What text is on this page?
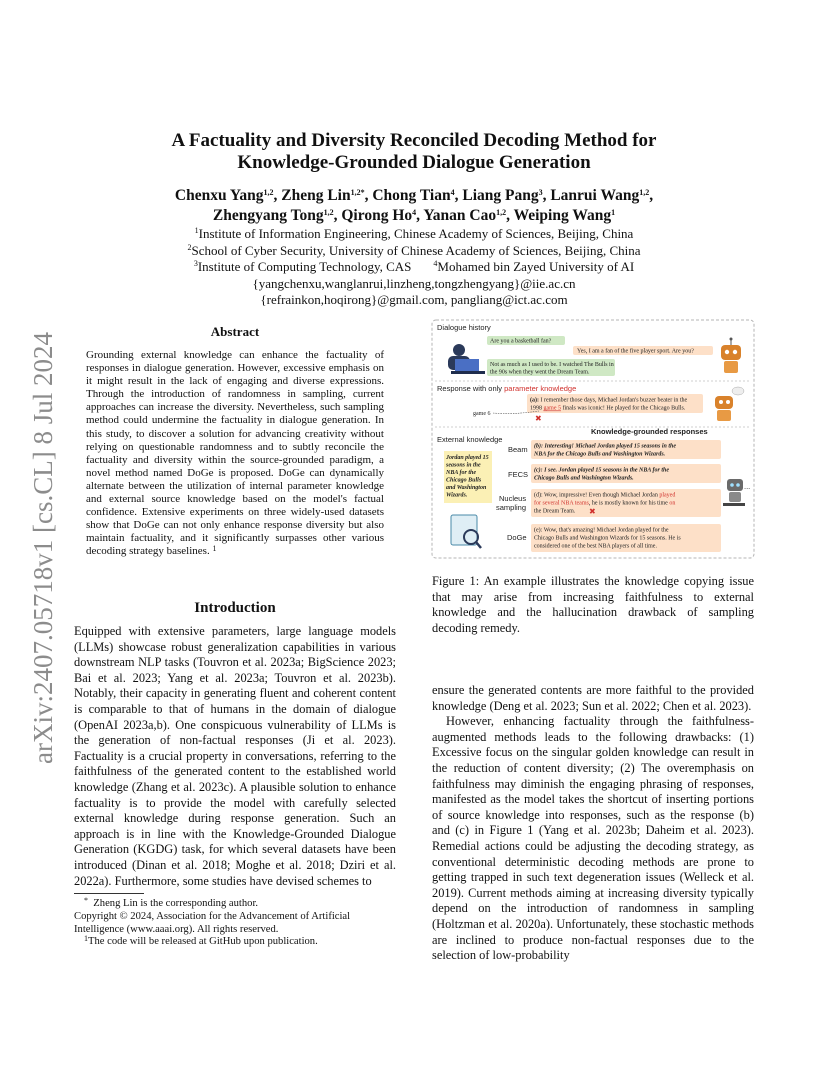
arXiv:2407.05718v1 [cs.CL] 8 Jul 2024
A Factuality and Diversity Reconciled Decoding Method for
Knowledge-Grounded Dialogue Generation
Chenxu Yang$^{1,2}$, Zheng Lin$^{1,2*}$, Chong Tian$^4$, Liang Pang$^3$, Lanrui Wang$^{1,2}$,
Zhengyang Tong$^{1,2}$, Qirong Ho$^4$, Yanan Cao$^{1,2}$, Weiping Wang$^1$
$^1$Institute of Information Engineering, Chinese Academy of Sciences, Beijing, China
$^2$School of Cyber Security, University of Chinese Academy of Sciences, Beijing, China
$^3$Institute of Computing Technology, CAS	$^4$Mohamed bin Zayed University of AI
{yangchenxu,wanglanrui,linzheng,tongzhengyang}@iie.ac.cn
{refrainkon,hoqirong}@gmail.com, pangliang@ict.ac.com
Abstract
Grounding external knowledge can enhance the factuality of responses in dialogue generation. However, excessive emphasis on it might result in the lack of engaging and diverse expressions. Through the introduction of randomness in sampling, current approaches can increase the diversity. Nevertheless, such sampling method could undermine the factuality in dialogue generation. In this study, to discover a solution for advancing creativity without relying on questionable randomness and to subtly reconcile the factuality and diversity within the source-grounded paradigm, a novel method named DoGe is proposed. DoGe can dynamically alternate between the utilization of internal parameter knowledge and external source knowledge based on the model's factual confidence. Extensive experiments on three widely-used datasets show that DoGe can not only enhance response diversity but also maintain factuality, and it significantly surpasses other various decoding strategy baselines. $^1$
Introduction

Equipped with extensive parameters, large language models (LLMs) showcase robust generalization capabilities in various downstream NLP tasks (Touvron et al. 2023a; BigScience 2023; Bai et al. 2023; Yang et al. 2023a; Touvron et al. 2023b). Notably, their capacity in generating fluent and coherent content is comparable to that of humans in the domain of dialogue (OpenAI 2023a,b). One conspicuous vulnerability of LLMs is the generation of non-factual responses (Ji et al. 2023). Factuality is a crucial property in conversations, referring to the faithfulness of the generated content to the established world knowledge (Zhang et al. 2023c). A plausible solution to enhance factuality is to provide the model with carefully selected external knowledge during response generation. Such an approach is in line with the Knowledge-Grounded Dialogue Generation (KGDG) task, for which several datasets have been introduced (Dinan et al. 2018; Moghe et al. 2018; Dziri et al. 2022a). Furthermore, some studies have devised schemes to

* Zheng Lin is the corresponding author.
Copyright © 2024, Association for the Advancement of Artificial Intelligence (www.aaai.org). All rights reserved.
$^1$The code will be released at GitHub upon publication.
Dialogue history
Are you a basketball fan?
Yes, I am a fan of the five player sport. Are you?
Not as much as I used to be. I watched The Bulls in
the 90s when they went the Dream Team.
Response with only parameter knowledge
(a): I remember those days, Michael Jordan's buzzer beater in the
1998 game 5 finals was iconic! He played for the Chicago Bulls.
game 6	✖
External knowledge
Knowledge-grounded responses
Jordan played 15
seasons in the
NBA for the
Chicago Bulls
and Washington
Wizards.
Beam
FECS
Nucleus
sampling
DoGe
(b): Interesting! Michael Jordan played 15 seasons in the
NBA for the Chicago Bulls and Washington Wizards.
(c): I see. Jordan played 15 seasons in the NBA for the
Chicago Bulls and Washington Wizards.
(d): Wow, impressive! Even though Michael Jordan played
for several NBA teams, he is mostly known for his time on
the Dream Team. ✖
(e): Wow, that's amazing! Michael Jordan played for the
Chicago Bulls and Washington Wizards for 15 seasons. He is
considered one of the best NBA players of all time.
...
Figure 1: An example illustrates the knowledge copying issue that may arise from increasing faithfulness to external knowledge and the hallucination drawback of sampling decoding remedy.

ensure the generated contents are more faithful to the provided knowledge (Deng et al. 2023; Sun et al. 2022; Chen et al. 2023).

However, enhancing factuality through the faithfulness-augmented methods leads to the following drawbacks: (1) Excessive focus on the singular golden knowledge can result in the reduction of content diversity; (2) The overemphasis on faithfulness may diminish the engaging phrasing of responses, manifested as the model takes the shortcut of inserting portions of source knowledge into responses, such as the response (b) and (c) in Figure 1 (Yang et al. 2023b; Daheim et al. 2023). Remedial actions could be adjusting the decoding strategy, as conventional deterministic decoding methods are prone to getting trapped in such text degeneration issues (Welleck et al. 2019). Current methods aiming at increasing diversity typically depend on the introduction of randomness in sampling (Holtzman et al. 2020a). Unfortunately, these stochastic methods are inclined to produce non-factual responses due to the selection of low-probability
